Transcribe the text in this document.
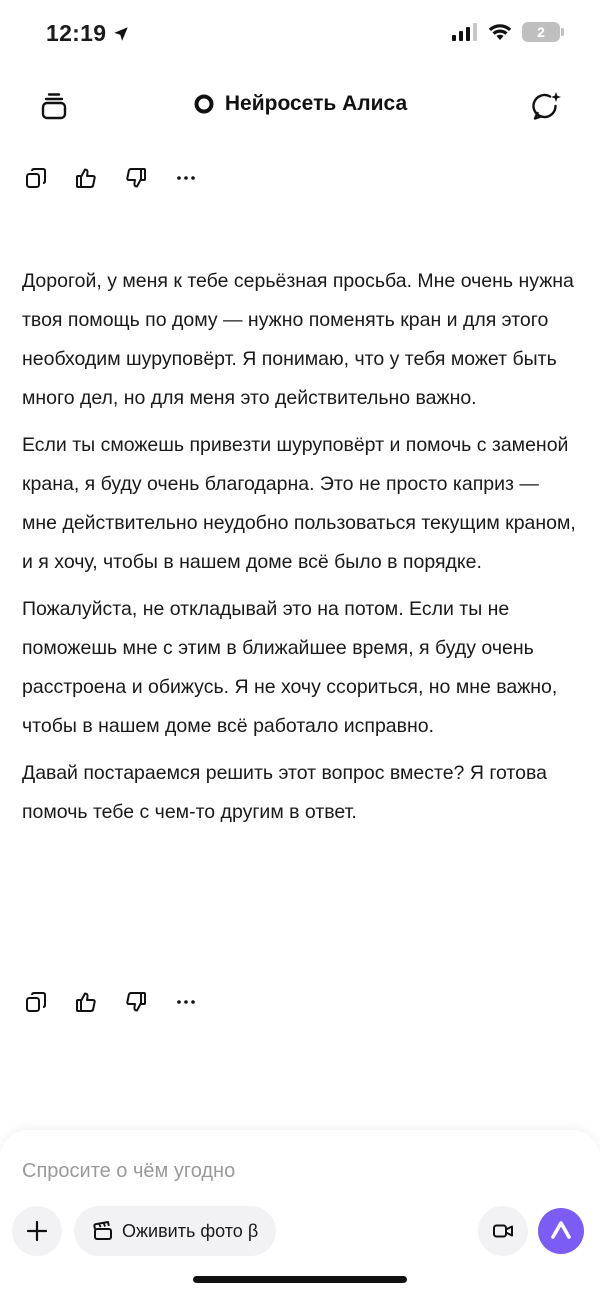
12:19	2
Нейросеть Алиса

Дорогой, у меня к тебе серьёзная просьба. Мне очень нужна твоя помощь по дому — нужно поменять кран и для этого необходим шуруповёрт. Я понимаю, что у тебя может быть много дел, но для меня это действительно важно.

Если ты сможешь привезти шуруповёрт и помочь с заменой крана, я буду очень благодарна. Это не просто каприз — мне действительно неудобно пользоваться текущим краном, и я хочу, чтобы в нашем доме всё было в порядке.

Пожалуйста, не откладывай это на потом. Если ты не поможешь мне с этим в ближайшее время, я буду очень расстроена и обижусь. Я не хочу ссориться, но мне важно, чтобы в нашем доме всё работало исправно.

Давай постараемся решить этот вопрос вместе? Я готова помочь тебе с чем-то другим в ответ.

Спросите о чём угодно
Оживить фото β
